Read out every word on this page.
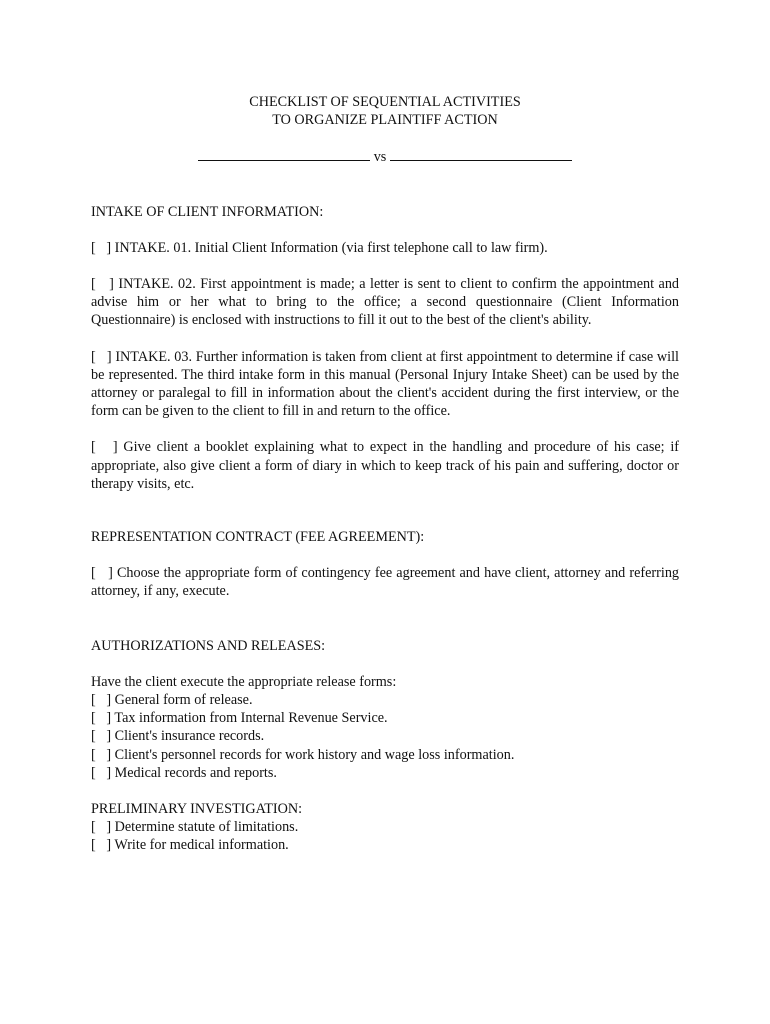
CHECKLIST OF SEQUENTIAL ACTIVITIES
TO ORGANIZE PLAINTIFF ACTION
vs
INTAKE OF CLIENT INFORMATION:

[   ] INTAKE. 01. Initial Client Information (via first telephone call to law firm).

[   ] INTAKE. 02. First appointment is made; a letter is sent to client to confirm the appointment and advise him or her what to bring to the office; a second questionnaire (Client Information Questionnaire) is enclosed with instructions to fill it out to the best of the client's ability.

[   ] INTAKE. 03. Further information is taken from client at first appointment to determine if case will be represented. The third intake form in this manual (Personal Injury Intake Sheet) can be used by the attorney or paralegal to fill in information about the client's accident during the first interview, or the form can be given to the client to fill in and return to the office.

[   ] Give client a booklet explaining what to expect in the handling and procedure of his case; if appropriate, also give client a form of diary in which to keep track of his pain and suffering, doctor or therapy visits, etc.

REPRESENTATION CONTRACT (FEE AGREEMENT):

[   ] Choose the appropriate form of contingency fee agreement and have client, attorney and referring attorney, if any, execute.

AUTHORIZATIONS AND RELEASES:

Have the client execute the appropriate release forms:

[   ] General form of release.
[   ] Tax information from Internal Revenue Service.
[   ] Client's insurance records.
[   ] Client's personnel records for work history and wage loss information.
[   ] Medical records and reports.
PRELIMINARY INVESTIGATION:
[   ] Determine statute of limitations.
[   ] Write for medical information.
